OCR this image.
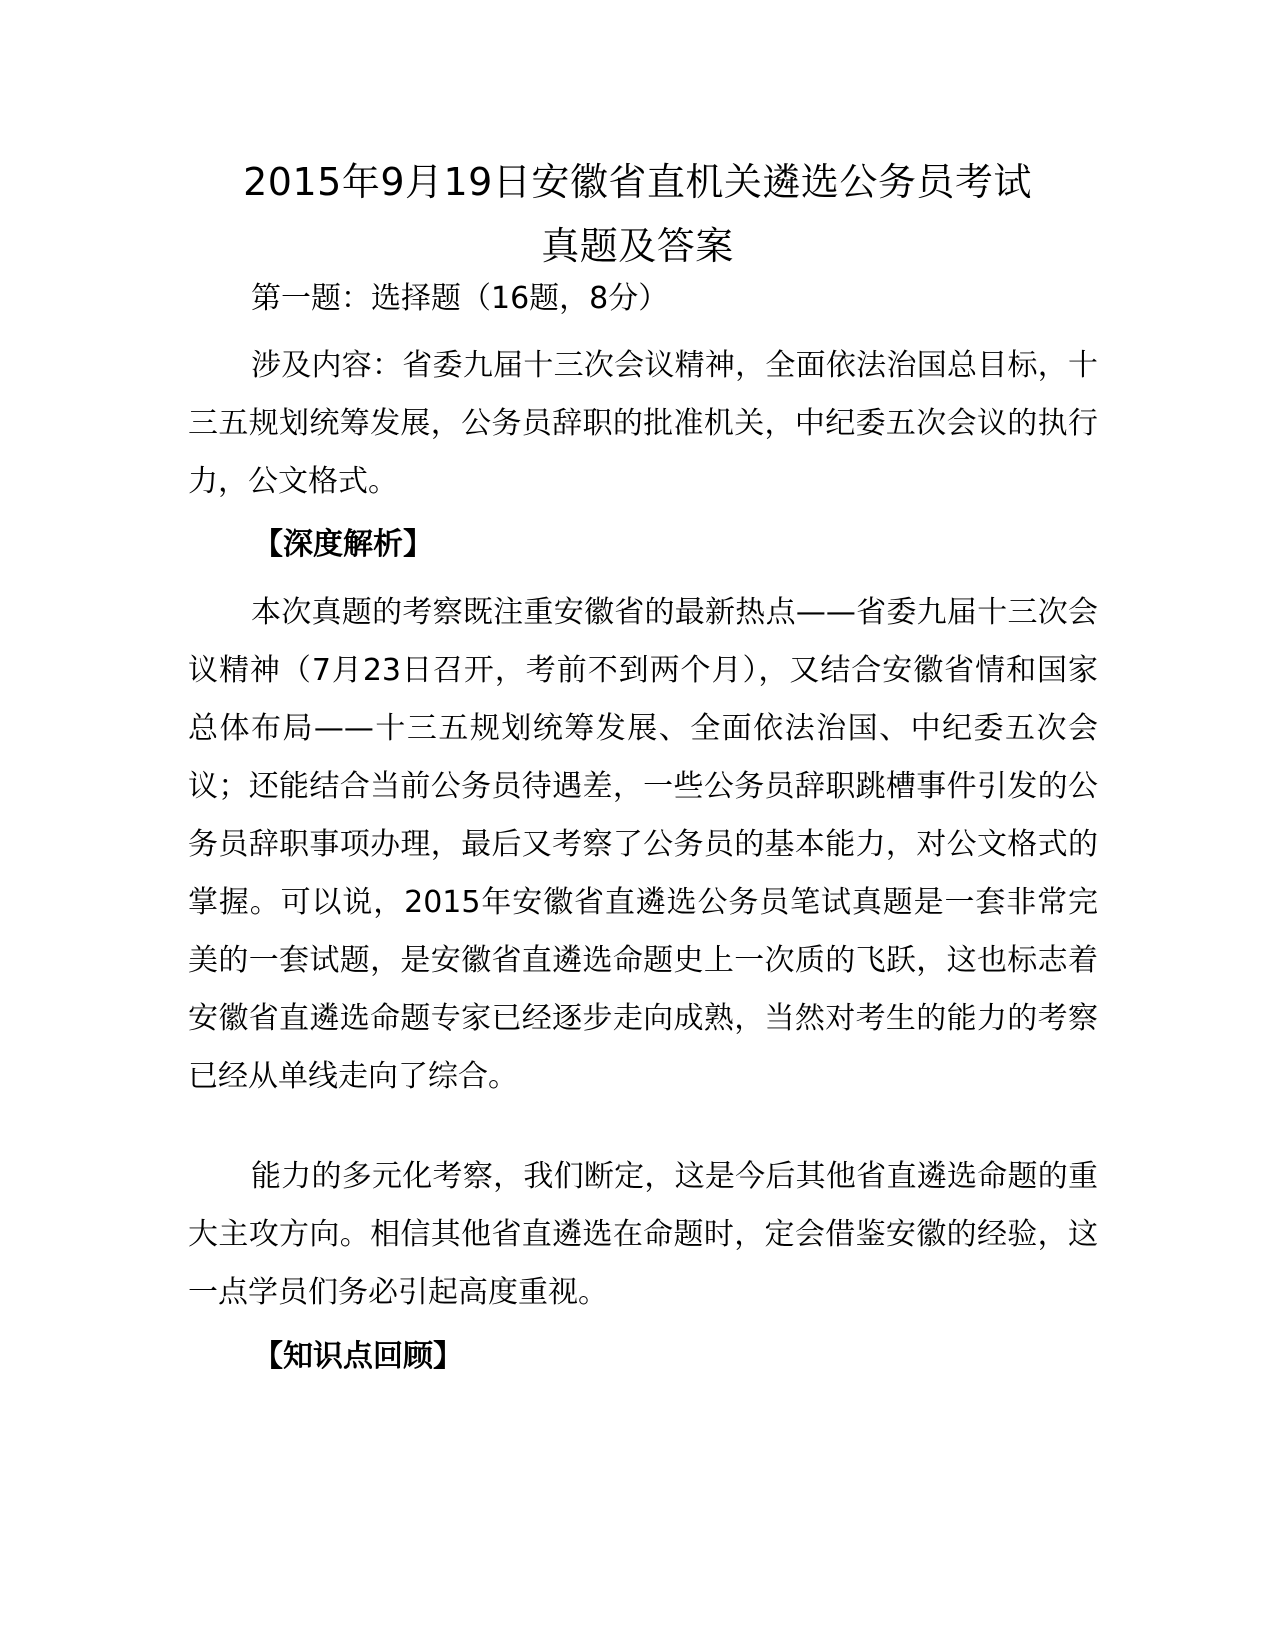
2015年9月19日安徽省直机关遴选公务员考试
真题及答案

第一题：选择题（16题，8分）

涉及内容：省委九届十三次会议精神，全面依法治国总目标，十三五规划统筹发展，公务员辞职的批准机关，中纪委五次会议的执行力，公文格式。

【深度解析】

本次真题的考察既注重安徽省的最新热点——省委九届十三次会议精神（7月23日召开，考前不到两个月），又结合安徽省情和国家总体布局——十三五规划统筹发展、全面依法治国、中纪委五次会议；还能结合当前公务员待遇差，一些公务员辞职跳槽事件引发的公务员辞职事项办理，最后又考察了公务员的基本能力，对公文格式的掌握。可以说，2015年安徽省直遴选公务员笔试真题是一套非常完美的一套试题，是安徽省直遴选命题史上一次质的飞跃，这也标志着安徽省直遴选命题专家已经逐步走向成熟，当然对考生的能力的考察已经从单线走向了综合。

能力的多元化考察，我们断定，这是今后其他省直遴选命题的重大主攻方向。相信其他省直遴选在命题时，定会借鉴安徽的经验，这一点学员们务必引起高度重视。

【知识点回顾】
